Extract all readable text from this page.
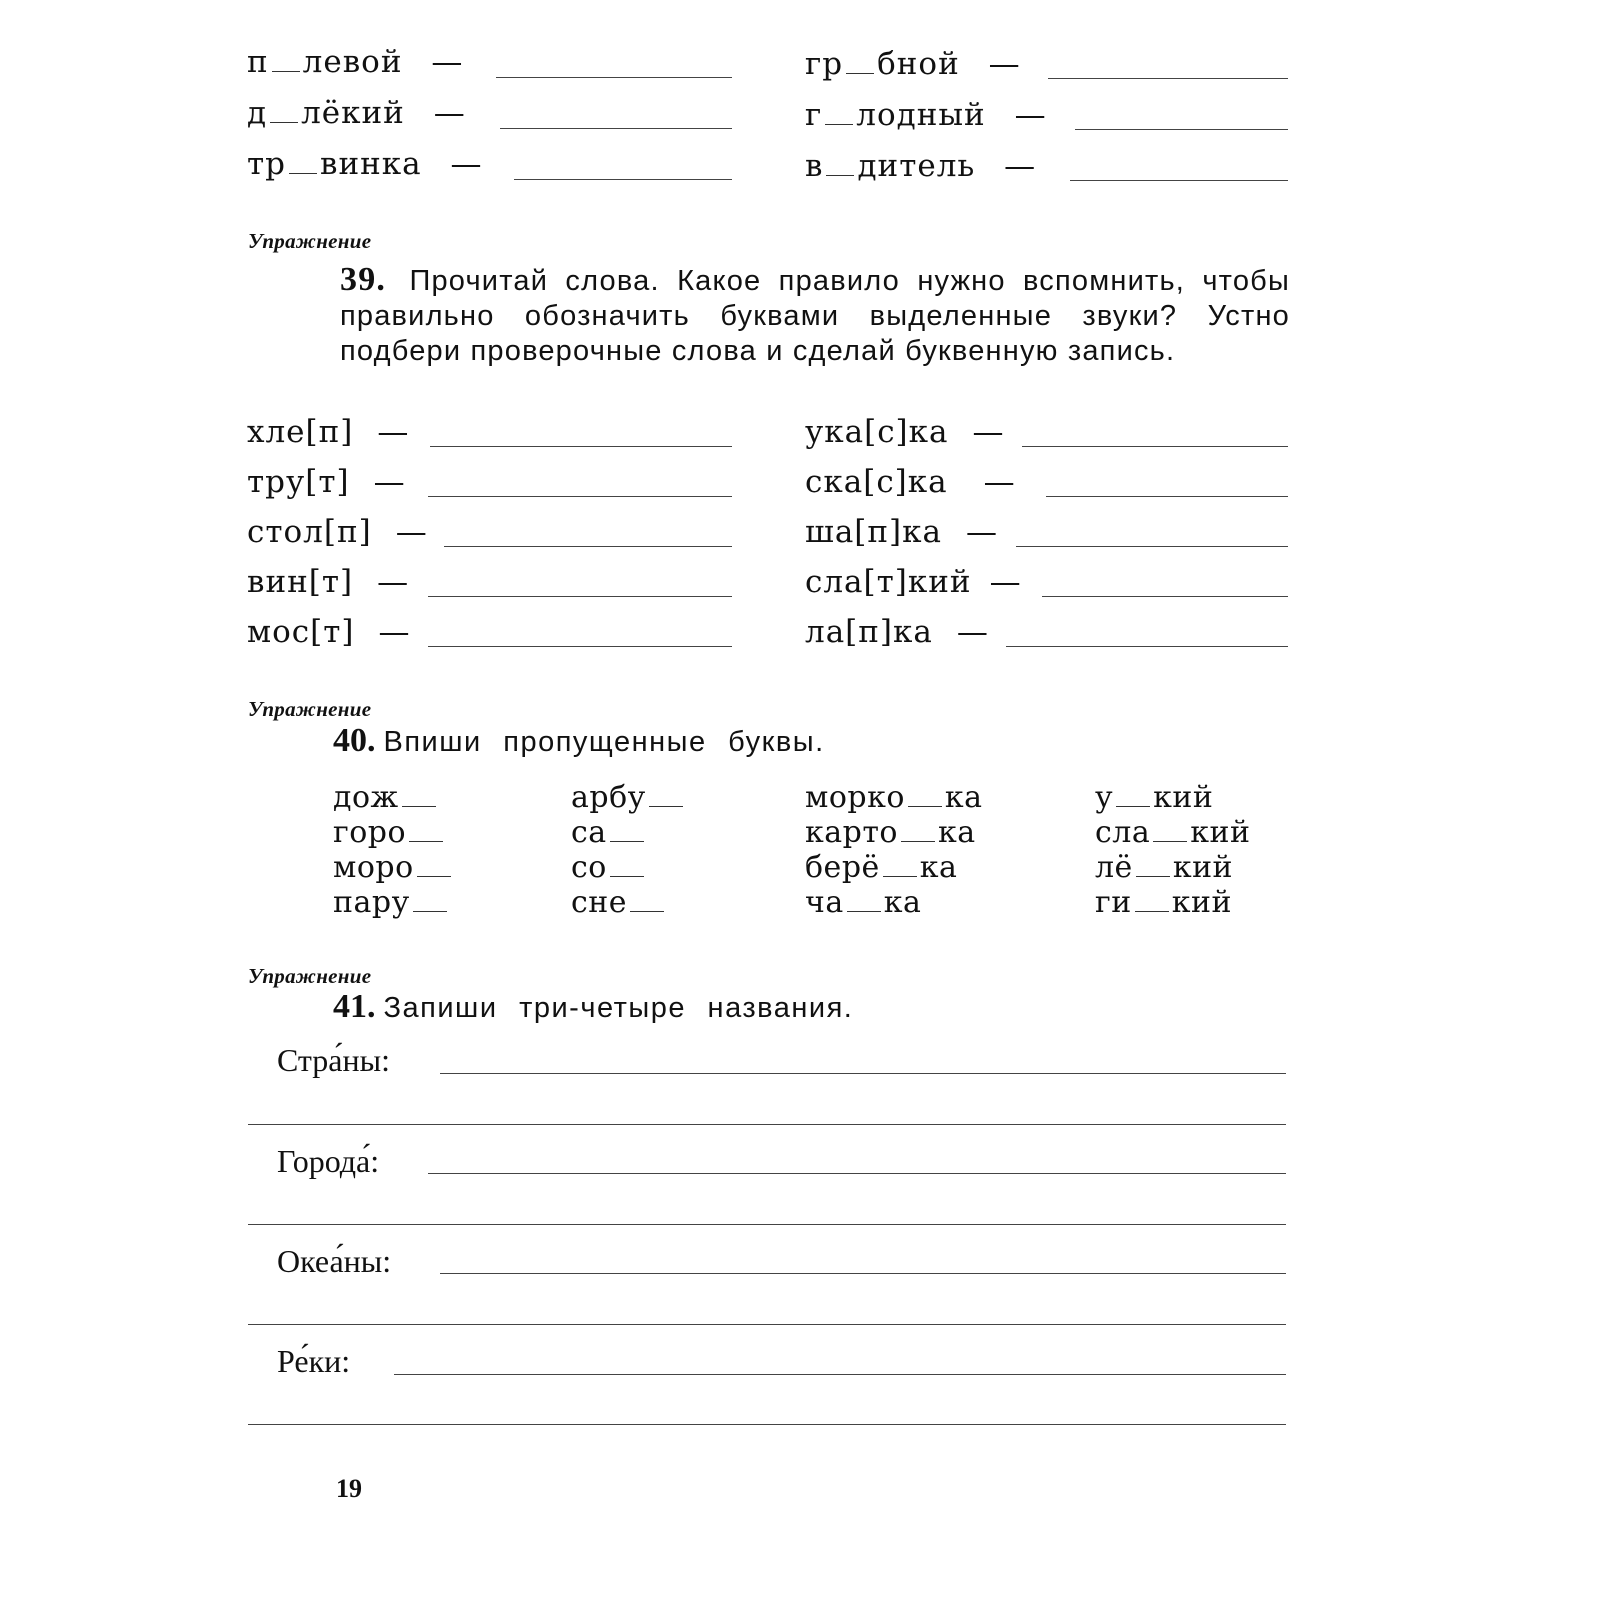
п левой —
д лёкий —
тр винка —
гр бной —
г лодный —
в дитель —
Упражнение
39. Прочитай слова. Какое правило нужно вспомнить, чтобы правильно обозначить буквами выделенные звуки? Устно подбери проверочные слова и сделай буквенную запись.
хле[п] —
тру[т] —
стол[п] —
вин[т] —
мос[т] —
ука[с]ка —
ска[с]ка —
ша[п]ка —
сла[т]кий —
ла[п]ка —
Упражнение
40. Впиши пропущенные буквы.
дож
горо
моро
пару
арбу
са
со
сне
морко ка
карто ка
берё ка
ча ка
у кий
сла кий
лё кий
ги кий
Упражнение
41. Запиши три-четыре названия.
Стра́ны:
Города́:
Океа́ны:
Ре́ки:
19
